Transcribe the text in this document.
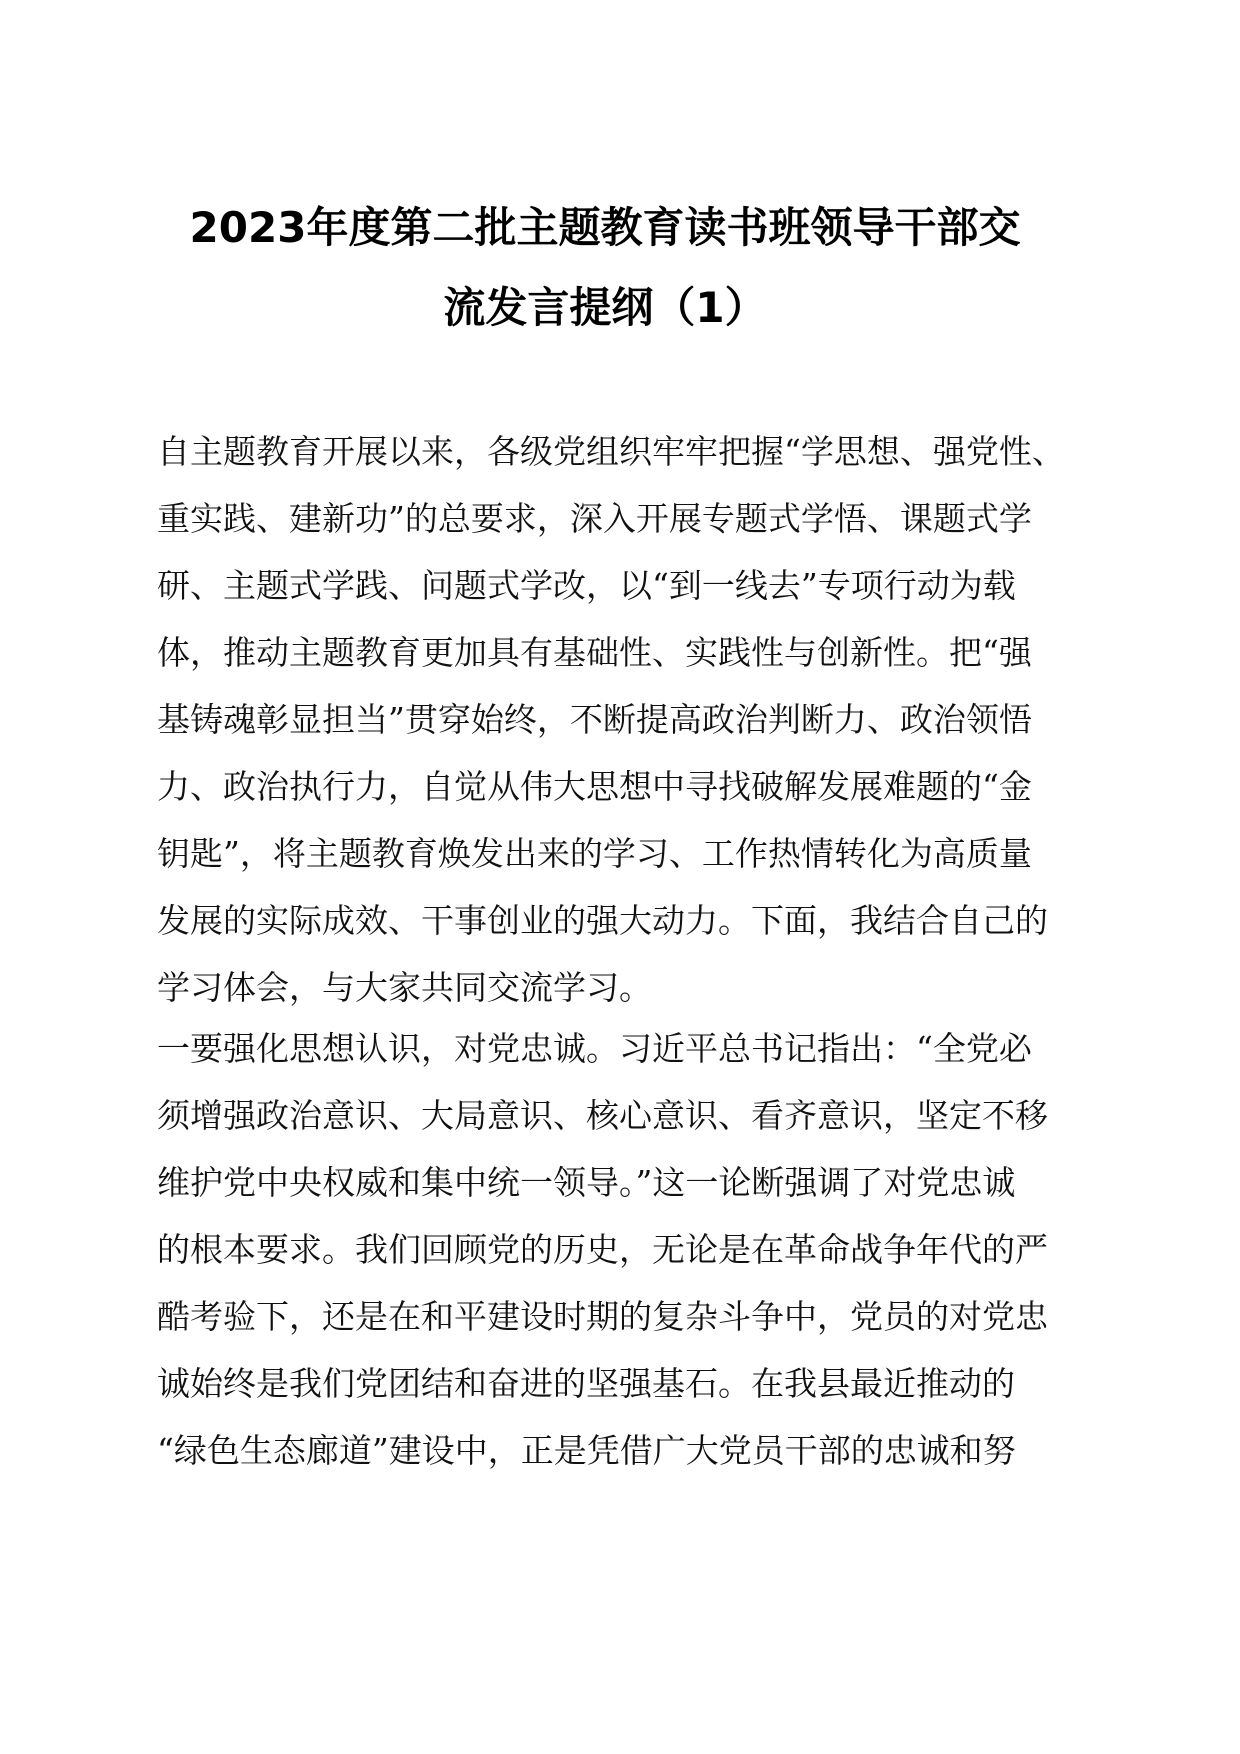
2023年度第二批主题教育读书班领导干部交
流发言提纲（1）

自主题教育开展以来，各级党组织牢牢把握“学思想、强党性、
重实践、建新功”的总要求，深入开展专题式学悟、课题式学
研、主题式学践、问题式学改，以“到一线去”专项行动为载
体，推动主题教育更加具有基础性、实践性与创新性。把“强
基铸魂彰显担当”贯穿始终，不断提高政治判断力、政治领悟
力、政治执行力，自觉从伟大思想中寻找破解发展难题的“金
钥匙”，将主题教育焕发出来的学习、工作热情转化为高质量
发展的实际成效、干事创业的强大动力。下面，我结合自己的
学习体会，与大家共同交流学习。

一要强化思想认识，对党忠诚。习近平总书记指出：“全党必
须增强政治意识、大局意识、核心意识、看齐意识，坚定不移
维护党中央权威和集中统一领导。”这一论断强调了对党忠诚
的根本要求。我们回顾党的历史，无论是在革命战争年代的严
酷考验下，还是在和平建设时期的复杂斗争中，党员的对党忠
诚始终是我们党团结和奋进的坚强基石。在我县最近推动的
“绿色生态廊道”建设中，正是凭借广大党员干部的忠诚和努
